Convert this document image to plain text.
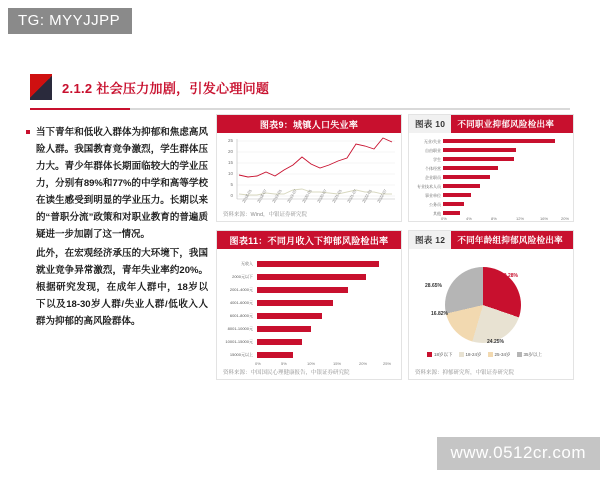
TG: MYYJJPP
2.1.2 社会压力加剧，引发心理问题
当下青年和低收入群体为抑郁和焦虑高风险人群。我国教育竞争激烈，学生群体压力大。青少年群体长期面临较大的学业压力，分别有89%和77%的中学和高等学校在读生感受到明显的学业压力。长期以来的“普职分流”政策和对职业教育的普遍质疑进一步加剧了这一情况。
此外，在宏观经济承压的大环境下，我国就业竞争异常激烈，青年失业率约20%。根据研究发现，在成年人群中，18岁以下以及18-30岁人群/失业人群/低收入人群为抑郁的高风险群体。
图表9：城镇人口失业率
25
20
15
10
5
0 2018-01 2018-07 2019-01 2019-07 2020-01 2020-07 2021-01 2021-07 2022-01 2022-07
资料来源：Wind，中银证券研究院
图表 10	不同职业抑郁风险检出率
无业/失业
自由职业
学生
个体经营
企业职员
专业技术人员
事业单位
公务员
其他
0%	4%	8%	12%	16%	20%
图表11：不同月收入下抑郁风险检出率
无收入
2000元以下
2001-4000元
4001-6000元
6001-8000元
8001-10000元
10001-15000元
15000元以上
0%	5%	10%	15%	20%	25%
资料来源：中国国民心理健康报告，中银证券研究院
图表 12	不同年龄组抑郁风险检出率
30.28%
28.65%
16.82%
24.25%
18岁以下	18-24岁	25-34岁	35岁以上
资料来源：抑郁研究所，中银证券研究院
www.0512cr.com
